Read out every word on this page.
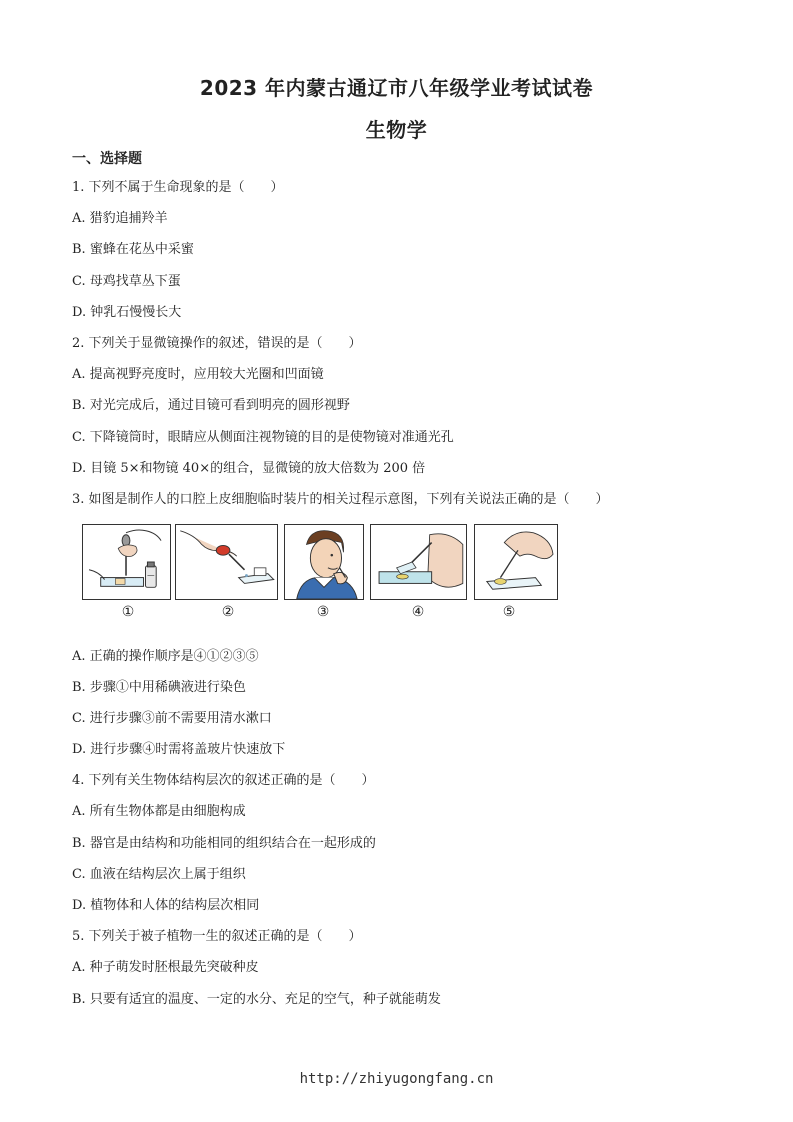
2023 年内蒙古通辽市八年级学业考试试卷
生物学
一、选择题
1. 下列不属于生命现象的是（　　）
A. 猎豹追捕羚羊
B. 蜜蜂在花丛中采蜜
C. 母鸡找草丛下蛋
D. 钟乳石慢慢长大
2. 下列关于显微镜操作的叙述，错误的是（　　）
A. 提高视野亮度时，应用较大光圈和凹面镜
B. 对光完成后，通过目镜可看到明亮的圆形视野
C. 下降镜筒时，眼睛应从侧面注视物镜的目的是使物镜对准通光孔
D. 目镜 5×和物镜 40×的组合，显微镜的放大倍数为 200 倍
3. 如图是制作人的口腔上皮细胞临时装片的相关过程示意图，下列有关说法正确的是（　　）
①	②	③	④	⑤
A. 正确的操作顺序是④①②③⑤
B. 步骤①中用稀碘液进行染色
C. 进行步骤③前不需要用清水漱口
D. 进行步骤④时需将盖玻片快速放下
4. 下列有关生物体结构层次的叙述正确的是（　　）
A. 所有生物体都是由细胞构成
B. 器官是由结构和功能相同的组织结合在一起形成的
C. 血液在结构层次上属于组织
D. 植物体和人体的结构层次相同
5. 下列关于被子植物一生的叙述正确的是（　　）
A. 种子萌发时胚根最先突破种皮
B. 只要有适宜的温度、一定的水分、充足的空气，种子就能萌发
http://zhiyugongfang.cn
